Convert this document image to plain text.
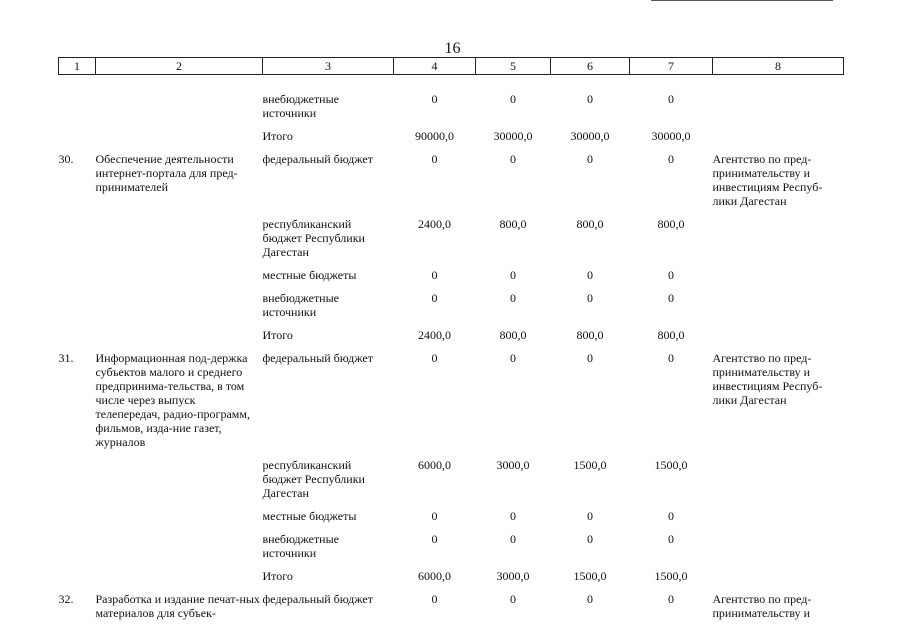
16
1	2	3	4	5	6	7	8
		внебюджетные источники	0	0	0	0	
		Итого	90000,0	30000,0	30000,0	30000,0	
30.	Обеспечение деятельности интернет-портала для пред-принимателей	федеральный бюджет	0	0	0	0	Агентство по пред-принимательству и инвестициям Респуб-лики Дагестан
		республиканский бюджет Республики Дагестан	2400,0	800,0	800,0	800,0	
		местные бюджеты	0	0	0	0	
		внебюджетные источники	0	0	0	0	
		Итого	2400,0	800,0	800,0	800,0	
31.	Информационная под-держка субъектов малого и среднего предпринима-тельства, в том числе через выпуск телепередач, радио-программ, фильмов, изда-ние газет, журналов	федеральный бюджет	0	0	0	0	Агентство по пред-принимательству и инвестициям Респуб-лики Дагестан
		республиканский бюджет Республики Дагестан	6000,0	3000,0	1500,0	1500,0	
		местные бюджеты	0	0	0	0	
		внебюджетные источники	0	0	0	0	
		Итого	6000,0	3000,0	1500,0	1500,0	
32.	Разработка и издание печат-ных материалов для субъек-	федеральный бюджет	0	0	0	0	Агентство по пред-принимательству и
